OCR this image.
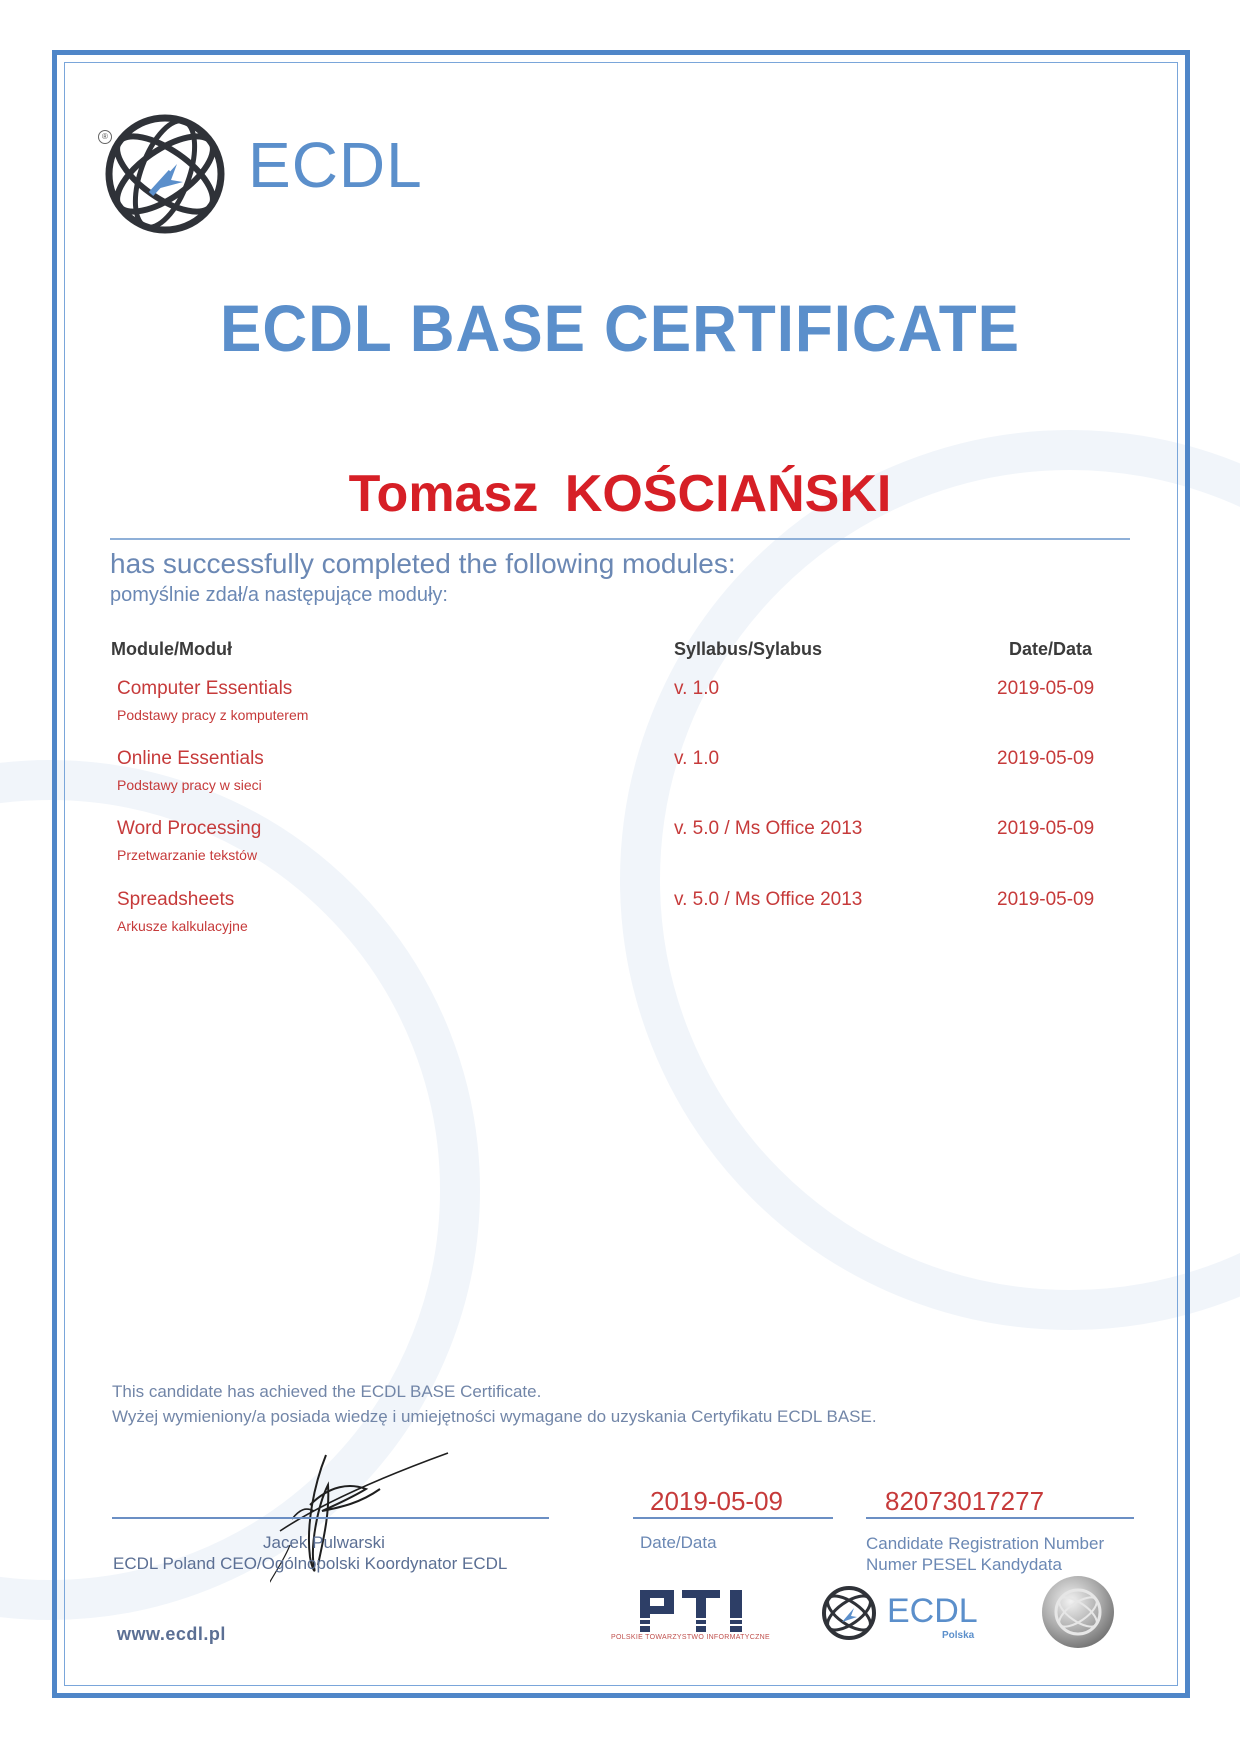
® ECDL
ECDL BASE CERTIFICATE
Tomasz KOŚCIAŃSKI
has successfully completed the following modules:
pomyślnie zdał/a następujące moduły:
Module/Moduł	Syllabus/Sylabus	Date/Data
Computer Essentials
Podstawy pracy z komputerem
v. 1.0	2019-05-09
Online Essentials
Podstawy pracy w sieci
v. 1.0	2019-05-09
Word Processing
Przetwarzanie tekstów
v. 5.0 / Ms Office 2013	2019-05-09
Spreadsheets
Arkusze kalkulacyjne
v. 5.0 / Ms Office 2013	2019-05-09
This candidate has achieved the ECDL BASE Certificate.
Wyżej wymieniony/a posiada wiedzę i umiejętności wymagane do uzyskania Certyfikatu ECDL BASE.
Jacek Pulwarski
ECDL Poland CEO/Ogólnopolski Koordynator ECDL
2019-05-09
Date/Data
82073017277
Candidate Registration Number
Numer PESEL Kandydata
www.ecdl.pl	POLSKIE TOWARZYSTWO INFORMATYCZNE
ECDL
Polska
